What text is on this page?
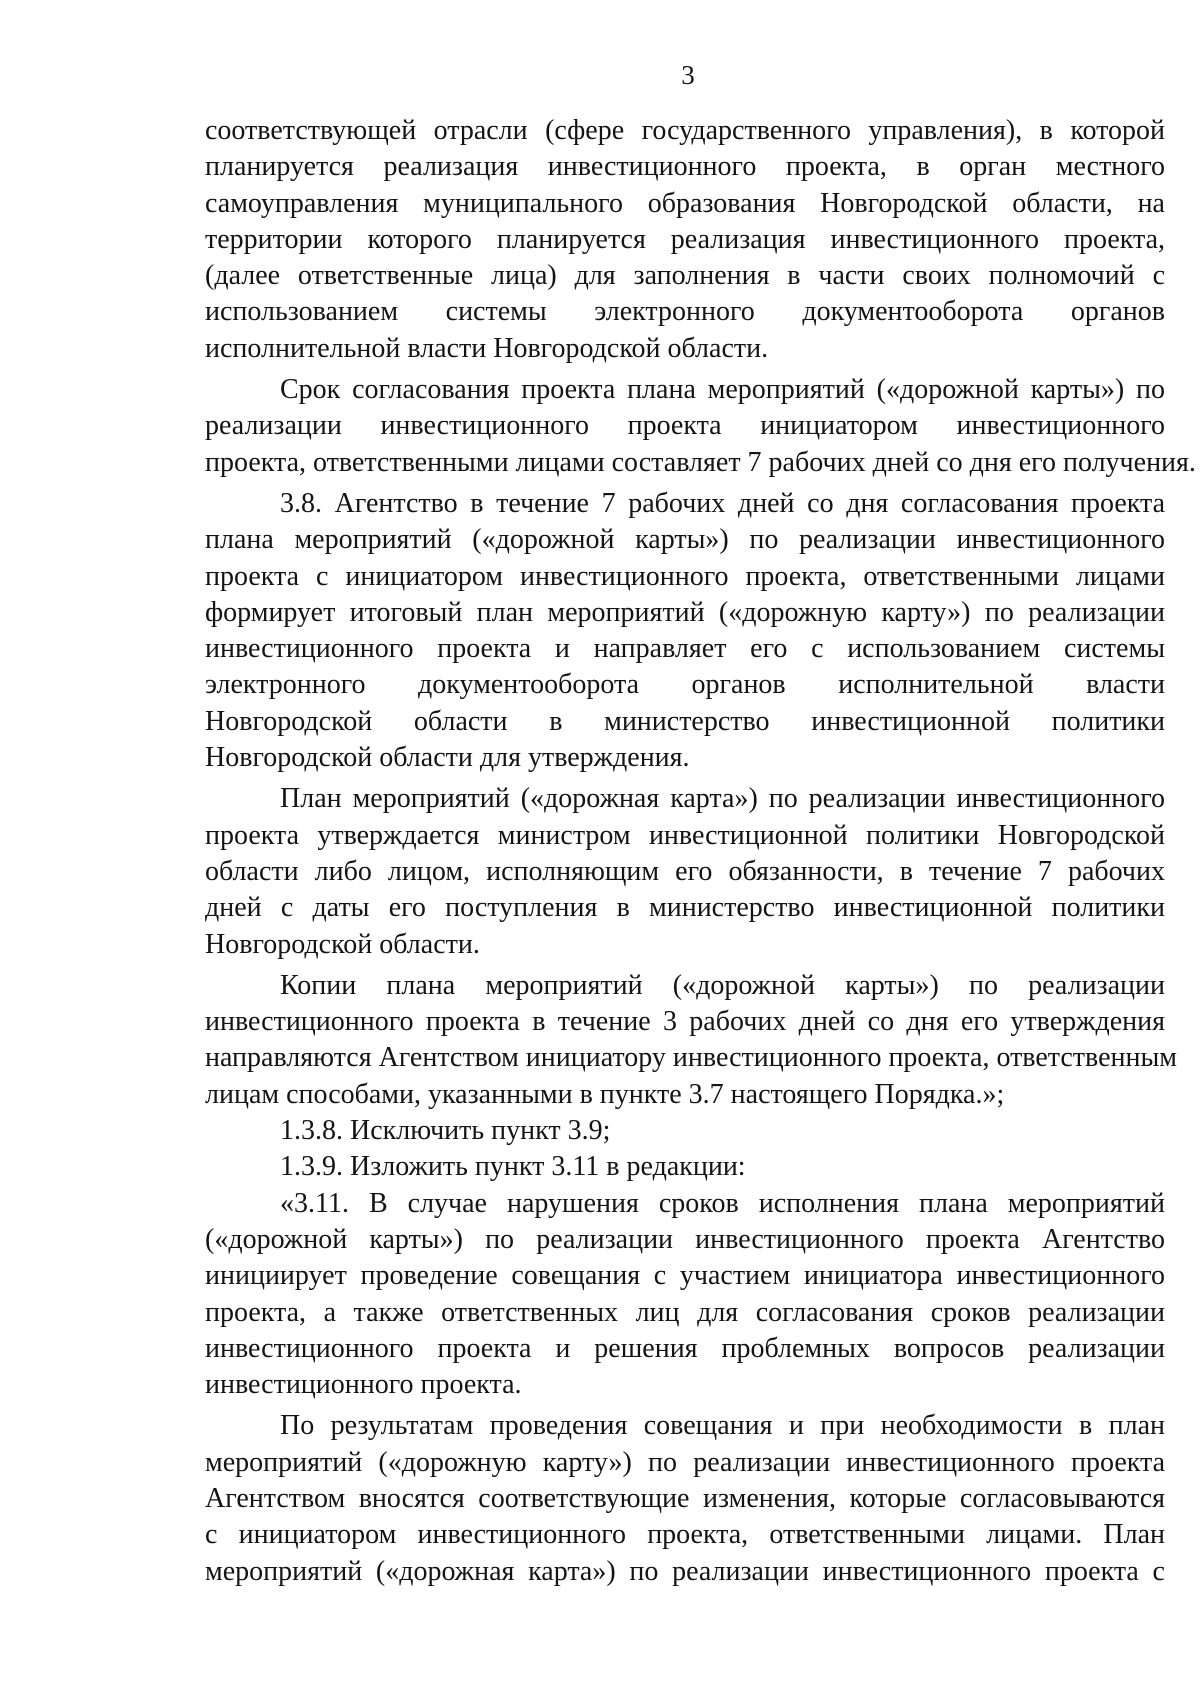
3
соответствующей отрасли (сфере государственного управления), в которой
планируется реализация инвестиционного проекта, в орган местного
самоуправления муниципального образования Новгородской области, на
территории которого планируется реализация инвестиционного проекта,
(далее ответственные лица) для заполнения в части своих полномочий с
использованием системы электронного документооборота органов
исполнительной власти Новгородской области.
Срок согласования проекта плана мероприятий («дорожной карты») по
реализации инвестиционного проекта инициатором инвестиционного
проекта, ответственными лицами составляет 7 рабочих дней со дня его получения.
3.8. Агентство в течение 7 рабочих дней со дня согласования проекта
плана мероприятий («дорожной карты») по реализации инвестиционного
проекта с инициатором инвестиционного проекта, ответственными лицами
формирует итоговый план мероприятий («дорожную карту») по реализации
инвестиционного проекта и направляет его с использованием системы
электронного документооборота органов исполнительной власти
Новгородской области в министерство инвестиционной политики
Новгородской области для утверждения.
План мероприятий («дорожная карта») по реализации инвестиционного
проекта утверждается министром инвестиционной политики Новгородской
области либо лицом, исполняющим его обязанности, в течение 7 рабочих
дней с даты его поступления в министерство инвестиционной политики
Новгородской области.
Копии плана мероприятий («дорожной карты») по реализации
инвестиционного проекта в течение 3 рабочих дней со дня его утверждения
направляются Агентством инициатору инвестиционного проекта, ответственным
лицам способами, указанными в пункте 3.7 настоящего Порядка.»;
1.3.8. Исключить пункт 3.9;
1.3.9. Изложить пункт 3.11 в редакции:
«3.11. В случае нарушения сроков исполнения плана мероприятий
(«дорожной карты») по реализации инвестиционного проекта Агентство
инициирует проведение совещания с участием инициатора инвестиционного
проекта, а также ответственных лиц для согласования сроков реализации
инвестиционного проекта и решения проблемных вопросов реализации
инвестиционного проекта.
По результатам проведения совещания и при необходимости в план
мероприятий («дорожную карту») по реализации инвестиционного проекта
Агентством вносятся соответствующие изменения, которые согласовываются
с инициатором инвестиционного проекта, ответственными лицами. План
мероприятий («дорожная карта») по реализации инвестиционного проекта с
